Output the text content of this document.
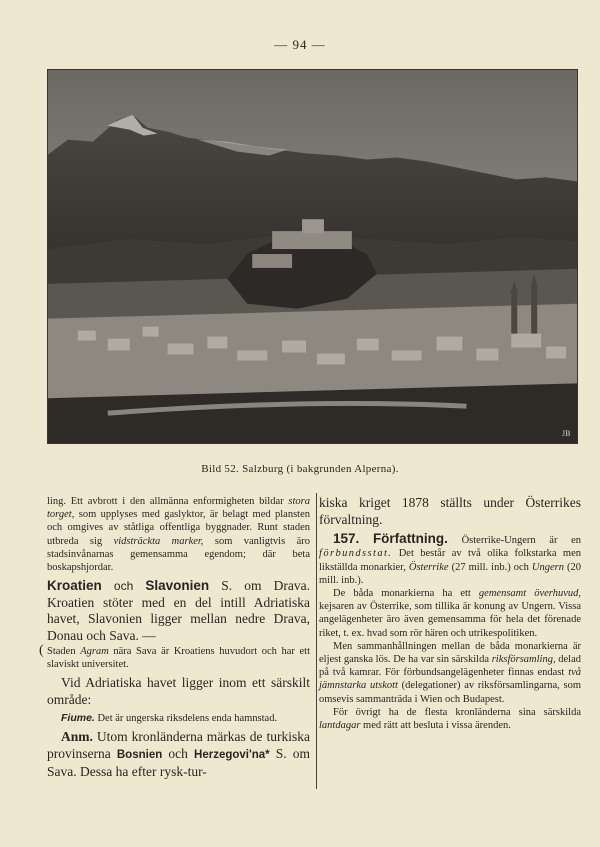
— 94 —
JB
Bild 52. Salzburg (i bakgrunden Alperna).

ling. Ett avbrott i den allmänna enformigheten bildar stora torget, som upplyses med gaslyktor, är belagt med plansten och omgives av ståtliga offentliga byggnader. Runt staden utbreda sig vidsträckta marker, som vanligtvis äro stadsinvånarnas gemensamma egendom; där beta boskapshjordar.

Kroatien och Slavonien S. om Drava. Kroatien stöter med en del intill Adriatiska havet, Slavonien ligger mellan nedre Drava, Donau och Sava. —

( Staden Agram nära Sava är Kroatiens huvudort och har ett slaviskt universitet.

Vid Adriatiska havet ligger inom ett särskilt område:

Fiume. Det är ungerska riksdelens enda hamnstad.

Anm. Utom kronländerna märkas de turkiska provinserna Bosnien och Herzegovi'na* S. om Sava. Dessa ha efter rysk-tur-

kiska kriget 1878 ställts under Österrikes förvaltning.

157. Författning. Österrike-Ungern är en förbundsstat. Det består av två olika folkstarka men likställda monarkier, Österrike (27 mill. inb.) och Ungern (20 mill. inb.).

De båda monarkierna ha ett gemensamt överhuvud, kejsaren av Österrike, som tillika är konung av Ungern. Vissa angelägenheter äro även gemensamma för hela det förenade riket, t. ex. hvad som rör hären och utrikespolitiken.

Men sammanhållningen mellan de båda monarkierna är eljest ganska lös. De ha var sin särskilda riksförsamling, delad på två kamrar. För förbundsangelägenheter finnas endast två jämnstarka utskott (delegationer) av riksförsamlingarna, som omsevis sammanträda i Wien och Budapest.

För övrigt ha de flesta kronländerna sina särskilda lantdagar med rätt att besluta i vissa ärenden.
